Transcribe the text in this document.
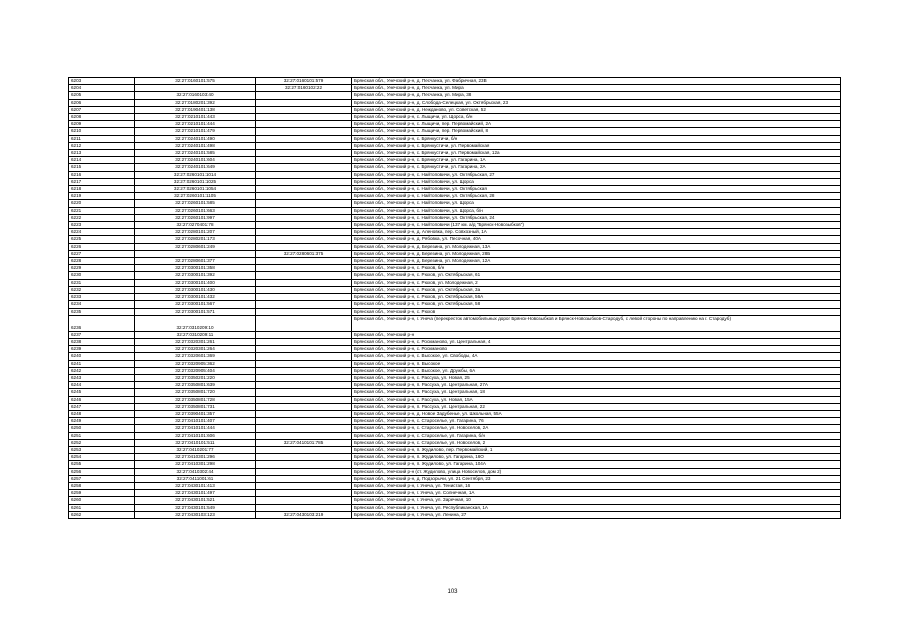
6203	32:27:0160101:575	32:27:0160101:579	Брянская обл., Унечский р-н, д. Песчанка, ул. Фабричная, 23В
6204		32:27:0160102:22	Брянская обл., Унечский р-н, д. Песчанка, ул. Мира
6205	32:27:0160103:40		Брянская обл., Унечский р-н, д. Песчанка, ул. Мира, 38
6206	32:27:0180201:392		Брянская обл., Унечский р-н, д. Слобода-Селецкая, ул. Октябрьская, 23
6207	32:27:0190401:138		Брянская обл., Унечский р-н, д. Нежданово, ул. Советская, 52
6208	32:27:0210101:443		Брянская обл., Унечский р-н, с. Лыщичи, ул. Щорса, б/н
6209	32:27:0210101:444		Брянская обл., Унечский р-н, с. Лыщичи, пер. Первомайский, 2А
6210	32:27:0210101:479		Брянская обл., Унечский р-н, с. Лыщичи, пер. Первомайский, 8
6211	32:27:0240101:490		Брянская обл., Унечский р-н, с. Брянкустичи, б/н
6212	32:27:0240101:498		Брянская обл., Унечский р-н, с. Брянкустичи, ул. Первомайская
6213	32:27:0240101:585		Брянская обл., Унечский р-н, с. Брянкустичи, ул. Первомайская, 12а
6214	32:27:0240101:604		Брянская обл., Унечский р-н, с. Брянкустичи, ул. Гагарина, 1А
6215	32:27:0240101:649		Брянская обл., Унечский р-н, с. Брянкустичи, ул. Гагарина, 2А
6216	32:27:0260101:1014		Брянская обл., Унечский р-н, с. Найтоповичи, ул. Октябрьская, 27
6217	32:27:0260101:1025		Брянская обл., Унечский р-н, с. Найтоповичи, ул. Щорса
6218	32:27:0260101:1054		Брянская обл., Унечский р-н, с. Найтоповичи, ул. Октябрьская
6219	32:27:0260101:1105		Брянская обл., Унечский р-н, с. Найтоповичи, ул. Октябрьская, 28
6220	32:27:0260101:585		Брянская обл., Унечский р-н, с. Найтоповичи, ул. Щорса
6221	32:27:0260101:663		Брянская обл., Унечский р-н, с. Найтоповичи, ул. Щорса, б/н
6222	32:27:0260101:997		Брянская обл., Унечский р-н, с. Найтоповичи, ул. Октябрьская, 24
6223	32:27:0270401:78		Брянская обл., Унечский р-н, с. Найтоповичи (137 км. а/д "Брянск-Новозыбков")
6224	32:27:0280101:207		Брянская обл., Унечский р-н, д. Аленовка, пер. Совхозный, 1А
6225	32:27:0280201:173		Брянская обл., Унечский р-н, д. Рябовка, ул. Песочная, 40А
6226	32:27:0280601:249		Брянская обл., Унечский р-н, д. Березина, ул. Молодежная, 13А
6227		32:27:0280601:375	Брянская обл., Унечский р-н, д. Березина, ул. Молодежная, 28Б
6228	32:27:0280601:377		Брянская обл., Унечский р-н, д. Березина, ул. Молодежная, 12А
6229	32:27:0300101:358		Брянская обл., Унечский р-н, с. Рюхов, б/н
6230	32:27:0300101:392		Брянская обл., Унечский р-н, с. Рюхов, ул. Октябрьская, 61
6231	32:27:0300101:400		Брянская обл., Унечский р-н, с. Рюхов, ул. Молодежная, 2
6232	32:27:0300101:430		Брянская обл., Унечский р-н, с. Рюхов, ул. Октябрьская, 3а
6233	32:27:0300101:432		Брянская обл., Унечский р-н, с. Рюхов, ул. Октябрьская, 56А
6234	32:27:0300101:567		Брянская обл., Унечский р-н, с. Рюхов, ул. Октябрьская, 58
6235	32:27:0300101:571		Брянская обл., Унечский р-н, с. Рюхов
6236	32:27:0310209:10		Брянская обл., Унечский р-н, г. Унеча (перекресток автомобильных дорог Брянск-Новозыбков и Брянск-Новозыбков-Стародуб, с левой стороны по направлению на г. Стародуб)
6237	32:27:0310209:11		Брянская обл., Унечский р-н
6238	32:27:0320301:261		Брянская обл., Унечский р-н, с. Роскманово, ул. Центральная, 4
6239	32:27:0320301:264		Брянская обл., Унечский р-н, с. Роскманово
6240	32:27:0320601:369		Брянская обл., Унечский р-н, с. Высокое, ул. Свободы, 4А
6241	32:27:0320905:362		Брянская обл., Унечский р-н, п. Высокое
6242	32:27:0320905:404		Брянская обл., Унечский р-н, с. Высокое, ул. Дружбы, 6А
6243	32:27:0350201:220		Брянская обл., Унечский р-н, с. Рассуха, ул. Новая, 25
6244	32:27:0350801:639		Брянская обл., Унечский р-н, п. Рассуха, ул. Центральная, 27А
6245	32:27:0350801:720		Брянская обл., Унечский р-н, п. Рассуха, ул. Центральная, 18
6246	32:27:0350801:728		Брянская обл., Унечский р-н, с. Рассуха, ул. Новая, 15А
6247	32:27:0350801:731		Брянская обл., Унечский р-н, п. Рассуха, ул. Центральная, 22
6248	32:27:0390401:357		Брянская обл., Унечский р-н, д. Новое Задубенье, ул. Школьная, 55А
6249	32:27:0410101:407		Брянская обл., Унечский р-н, с. Староселье, ул. Гагарина, 76
6250	32:27:0410101:444		Брянская обл., Унечский р-н, с. Староселье, ул. Новоселов, 2А
6251	32:27:0410101:606		Брянская обл., Унечский р-н, с. Староселье, ул. Гагарина, б/н
6252	32:27:0410101:511	32:27:0410101:785	Брянская обл., Унечский р-н, с. Староселье, ул. Новоселов, 2
6253	32:27:0410201:77		Брянская обл., Унечский р-н, п. Жудилово, пер. Первомайский, 1
6254	32:27:0410301:296		Брянская обл., Унечский р-н, п. Жудилово, ул. Гагарина, 16О
6255	32:27:0410301:298		Брянская обл., Унечский р-н, п. Жудилово, ул. Гагарина, 104А
6256	32:27:0410302:44		Брянская обл., Унечский р-н (ст. Жудилово, улица Новоселов, дом 2)
6257	32:27:0411001:61		Брянская обл., Унечский р-н, д. Подзорычи, ул. 21 Сентября, 23
6258	32:27:0430101:413		Брянская обл., Унечский р-н, г. Унеча, ул. Тенистая, 16
6259	32:27:0430101:497		Брянская обл., Унечский р-н, г. Унеча, ул. Солнечная, 1А
6260	32:27:0430101:521		Брянская обл., Унечский р-н, г. Унеча, ул. Заречная, 10
6261	32:27:0430101:549		Брянская обл., Унечский р-н, г. Унеча, ул. Республиканская, 1А
6262	32:27:0430103:123	32:27:0430103:219	Брянская обл., Унечский р-н, г. Унеча, ул. Ленина, 27
103
